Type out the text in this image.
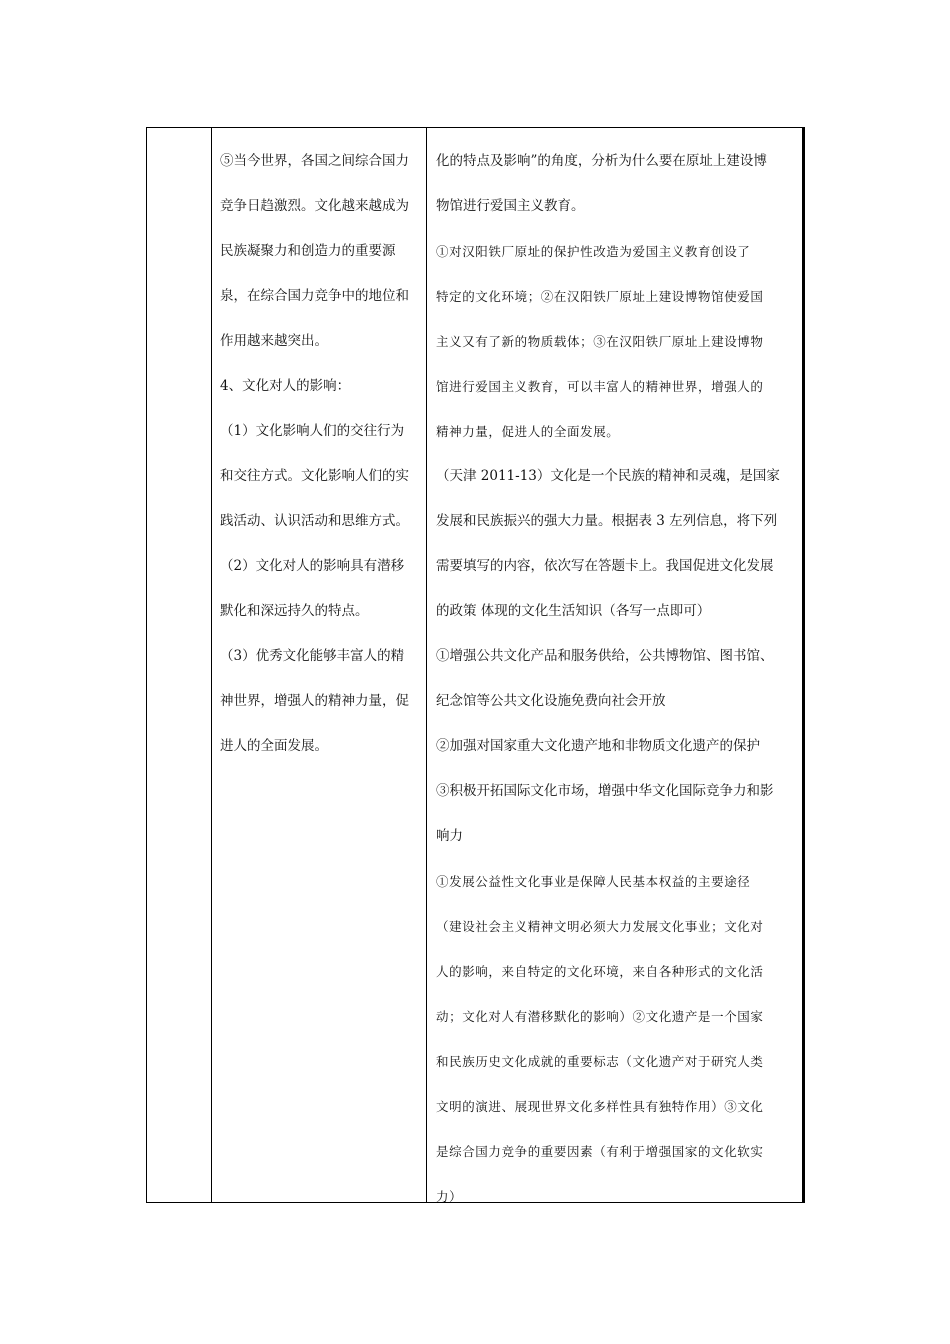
⑤当今世界，各国之间综合国力

竞争日趋激烈。文化越来越成为

民族凝聚力和创造力的重要源

泉，在综合国力竞争中的地位和

作用越来越突出。

4、文化对人的影响：

（1）文化影响人们的交往行为

和交往方式。文化影响人们的实

践活动、认识活动和思维方式。

（2）文化对人的影响具有潜移

默化和深远持久的特点。

（3）优秀文化能够丰富人的精

神世界，增强人的精神力量，促

进人的全面发展。

化的特点及影响”的角度，分析为什么要在原址上建设博

物馆进行爱国主义教育。

①对汉阳铁厂原址的保护性改造为爱国主义教育创设了

特定的文化环境；②在汉阳铁厂原址上建设博物馆使爱国

主义又有了新的物质载体；③在汉阳铁厂原址上建设博物

馆进行爱国主义教育，可以丰富人的精神世界，增强人的

精神力量，促进人的全面发展。

（天津 2011-13）文化是一个民族的精神和灵魂，是国家

发展和民族振兴的强大力量。根据表 3 左列信息，将下列

需要填写的内容，依次写在答题卡上。我国促进文化发展

的政策 体现的文化生活知识（各写一点即可）

①增强公共文化产品和服务供给，公共博物馆、图书馆、

纪念馆等公共文化设施免费向社会开放

②加强对国家重大文化遗产地和非物质文化遗产的保护

③积极开拓国际文化市场，增强中华文化国际竞争力和影

响力

①发展公益性文化事业是保障人民基本权益的主要途径

（建设社会主义精神文明必须大力发展文化事业；文化对

人的影响，来自特定的文化环境，来自各种形式的文化活

动；文化对人有潜移默化的影响）②文化遗产是一个国家

和民族历史文化成就的重要标志（文化遗产对于研究人类

文明的演进、展现世界文化多样性具有独特作用）③文化

是综合国力竞争的重要因素（有利于增强国家的文化软实

力）
